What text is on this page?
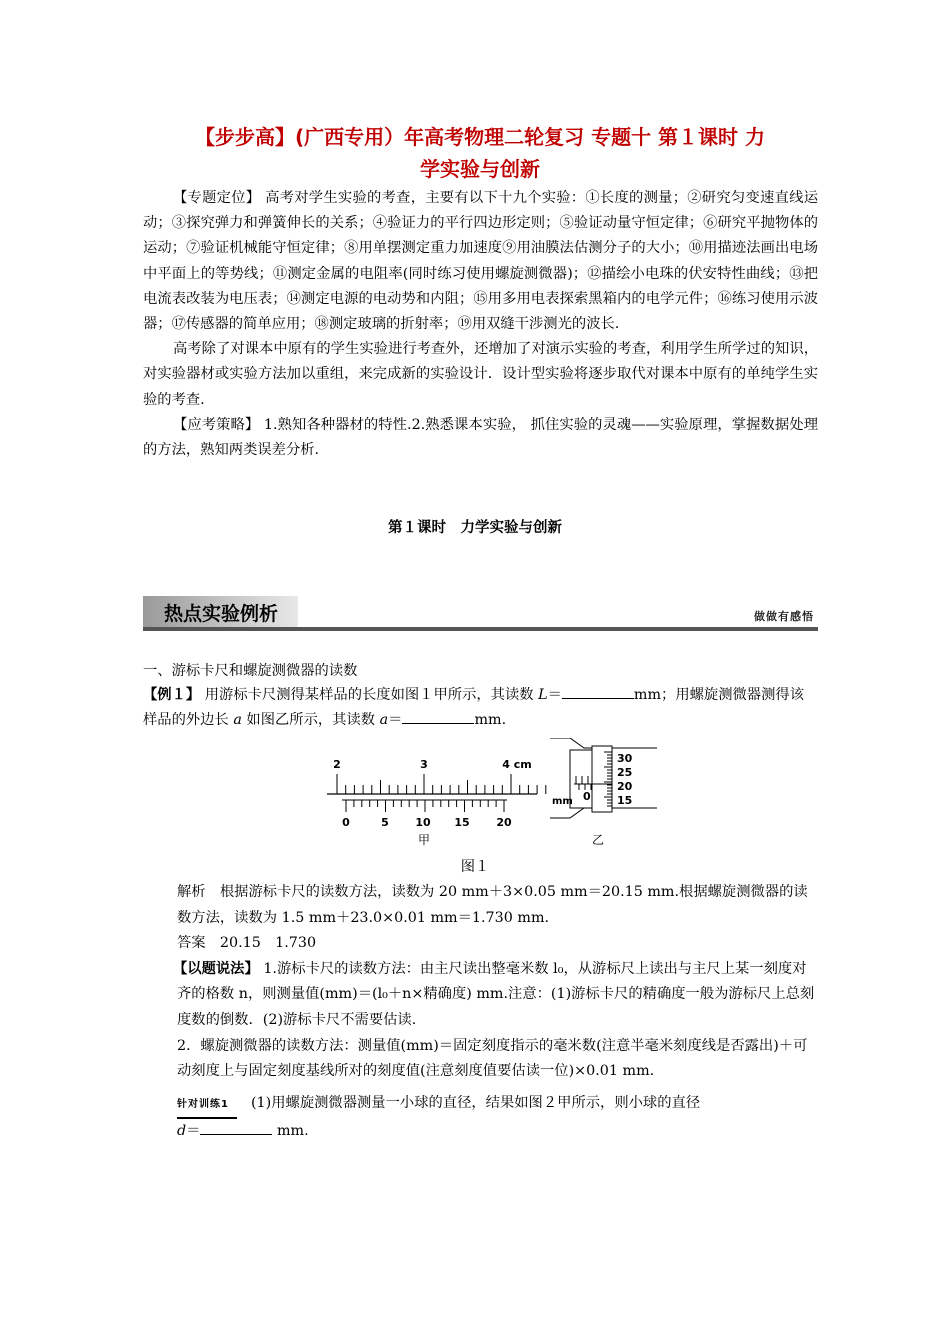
【步步高】(广西专用）年高考物理二轮复习 专题十 第１课时 力
学实验与创新

【专题定位】 高考对学生实验的考查，主要有以下十九个实验：①长度的测量；②研究匀变速直线运动；③探究弹力和弹簧伸长的关系；④验证力的平行四边形定则；⑤验证动量守恒定律；⑥研究平抛物体的运动；⑦验证机械能守恒定律；⑧用单摆测定重力加速度⑨用油膜法估测分子的大小；⑩用描迹法画出电场中平面上的等势线；⑪测定金属的电阻率(同时练习使用螺旋测微器)；⑫描绘小电珠的伏安特性曲线；⑬把电流表改装为电压表；⑭测定电源的电动势和内阻；⑮用多用电表探索黑箱内的电学元件；⑯练习使用示波器；⑰传感器的简单应用；⑱测定玻璃的折射率；⑲用双缝干涉测光的波长.

高考除了对课本中原有的学生实验进行考查外，还增加了对演示实验的考查，利用学生所学过的知识，对实验器材或实验方法加以重组，来完成新的实验设计．设计型实验将逐步取代对课本中原有的单纯学生实验的考查.

【应考策略】 1.熟知各种器材的特性.2.熟悉课本实验， 抓住实验的灵魂——实验原理，掌握数据处理的方法，熟知两类误差分析.

第１课时　力学实验与创新
热点实验例析	做做有感悟
一、游标卡尺和螺旋测微器的读数

【例１】 用游标卡尺测得某样品的长度如图１甲所示，其读数 L＝	mm；用螺旋测微器测得该样品的外边长 a 如图乙所示，其读数 a＝	mm.

2	3	4 cm
0	5 10 15 20
甲
30
25
20
15
0
mm
乙
图１

解析　根据游标卡尺的读数方法，读数为 20 mm＋3×0.05 mm＝20.15 mm.根据螺旋测微器的读数方法，读数为 1.5 mm＋23.0×0.01 mm＝1.730 mm.

答案　20.15　1.730

【以题说法】 1.游标卡尺的读数方法：由主尺读出整毫米数 l₀，从游标尺上读出与主尺上某一刻度对齐的格数 n，则测量值(mm)＝(l₀＋n×精确度) mm.注意：(1)游标卡尺的精确度一般为游标尺上总刻度数的倒数．(2)游标卡尺不需要估读.

2．螺旋测微器的读数方法：测量值(mm)＝固定刻度指示的毫米数(注意半毫米刻度线是否露出)＋可动刻度上与固定刻度基线所对的刻度值(注意刻度值要估读一位)×0.01 mm.

针对训练1 (1)用螺旋测微器测量一小球的直径，结果如图２甲所示，则小球的直径

d＝	mm.
